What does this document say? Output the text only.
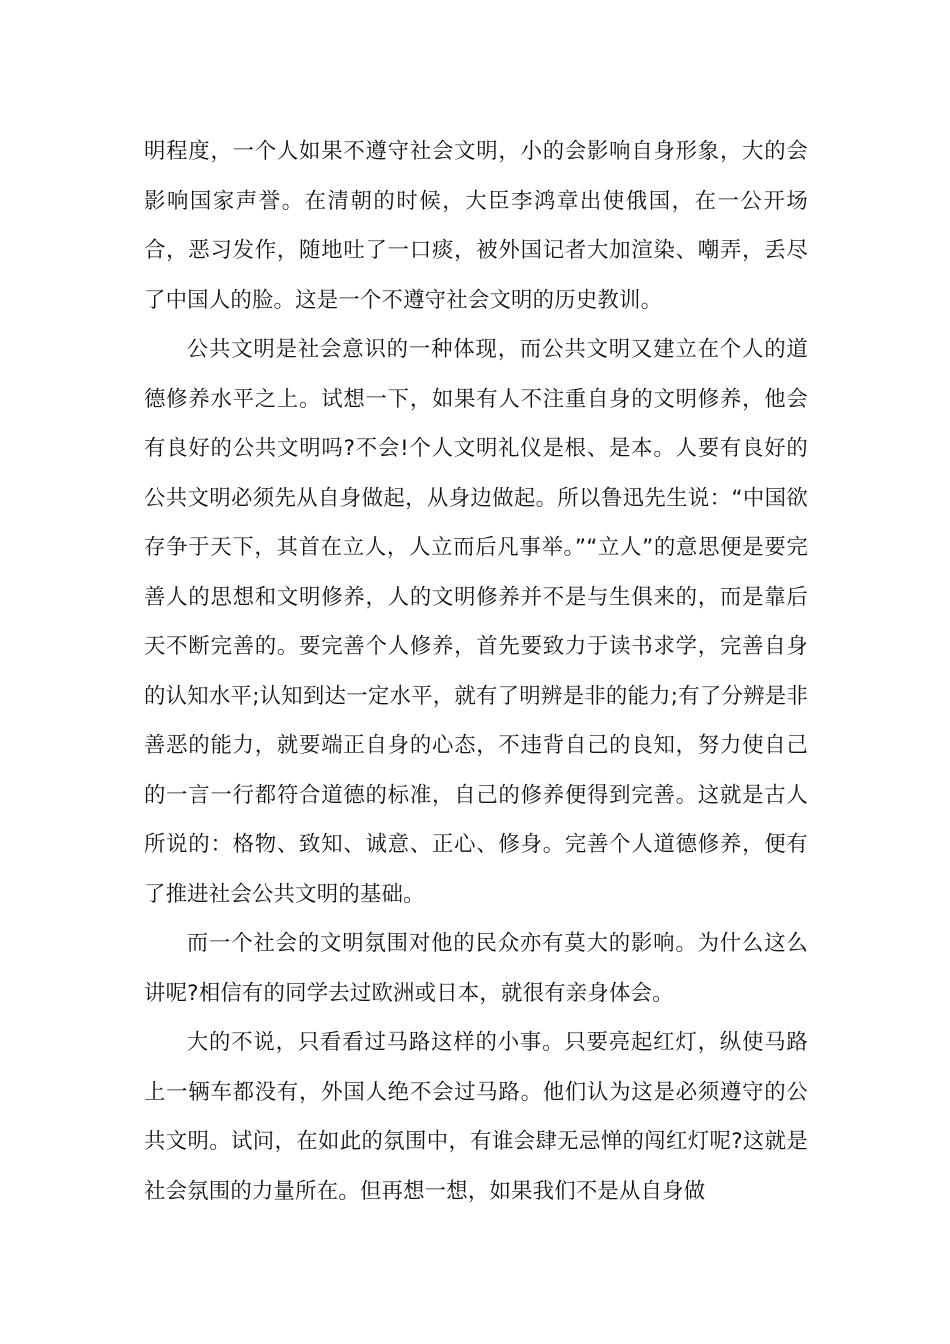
明程度，一个人如果不遵守社会文明，小的会影响自身形象，大的会影响国家声誉。在清朝的时候，大臣李鸿章出使俄国，在一公开场合，恶习发作，随地吐了一口痰，被外国记者大加渲染、嘲弄，丢尽了中国人的脸。这是一个不遵守社会文明的历史教训。

公共文明是社会意识的一种体现，而公共文明又建立在个人的道德修养水平之上。试想一下，如果有人不注重自身的文明修养，他会有良好的公共文明吗?不会!个人文明礼仪是根、是本。人要有良好的公共文明必须先从自身做起，从身边做起。所以鲁迅先生说：“中国欲存争于天下，其首在立人，人立而后凡事举。”“立人”的意思便是要完善人的思想和文明修养，人的文明修养并不是与生俱来的，而是靠后天不断完善的。要完善个人修养，首先要致力于读书求学，完善自身的认知水平;认知到达一定水平，就有了明辨是非的能力;有了分辨是非善恶的能力，就要端正自身的心态，不违背自己的良知，努力使自己的一言一行都符合道德的标准，自己的修养便得到完善。这就是古人所说的：格物、致知、诚意、正心、修身。完善个人道德修养，便有了推进社会公共文明的基础。

而一个社会的文明氛围对他的民众亦有莫大的影响。为什么这么讲呢?相信有的同学去过欧洲或日本，就很有亲身体会。

大的不说，只看看过马路这样的小事。只要亮起红灯，纵使马路上一辆车都没有，外国人绝不会过马路。他们认为这是必须遵守的公共文明。试问，在如此的氛围中，有谁会肆无忌惮的闯红灯呢?这就是社会氛围的力量所在。但再想一想，如果我们不是从自身做
